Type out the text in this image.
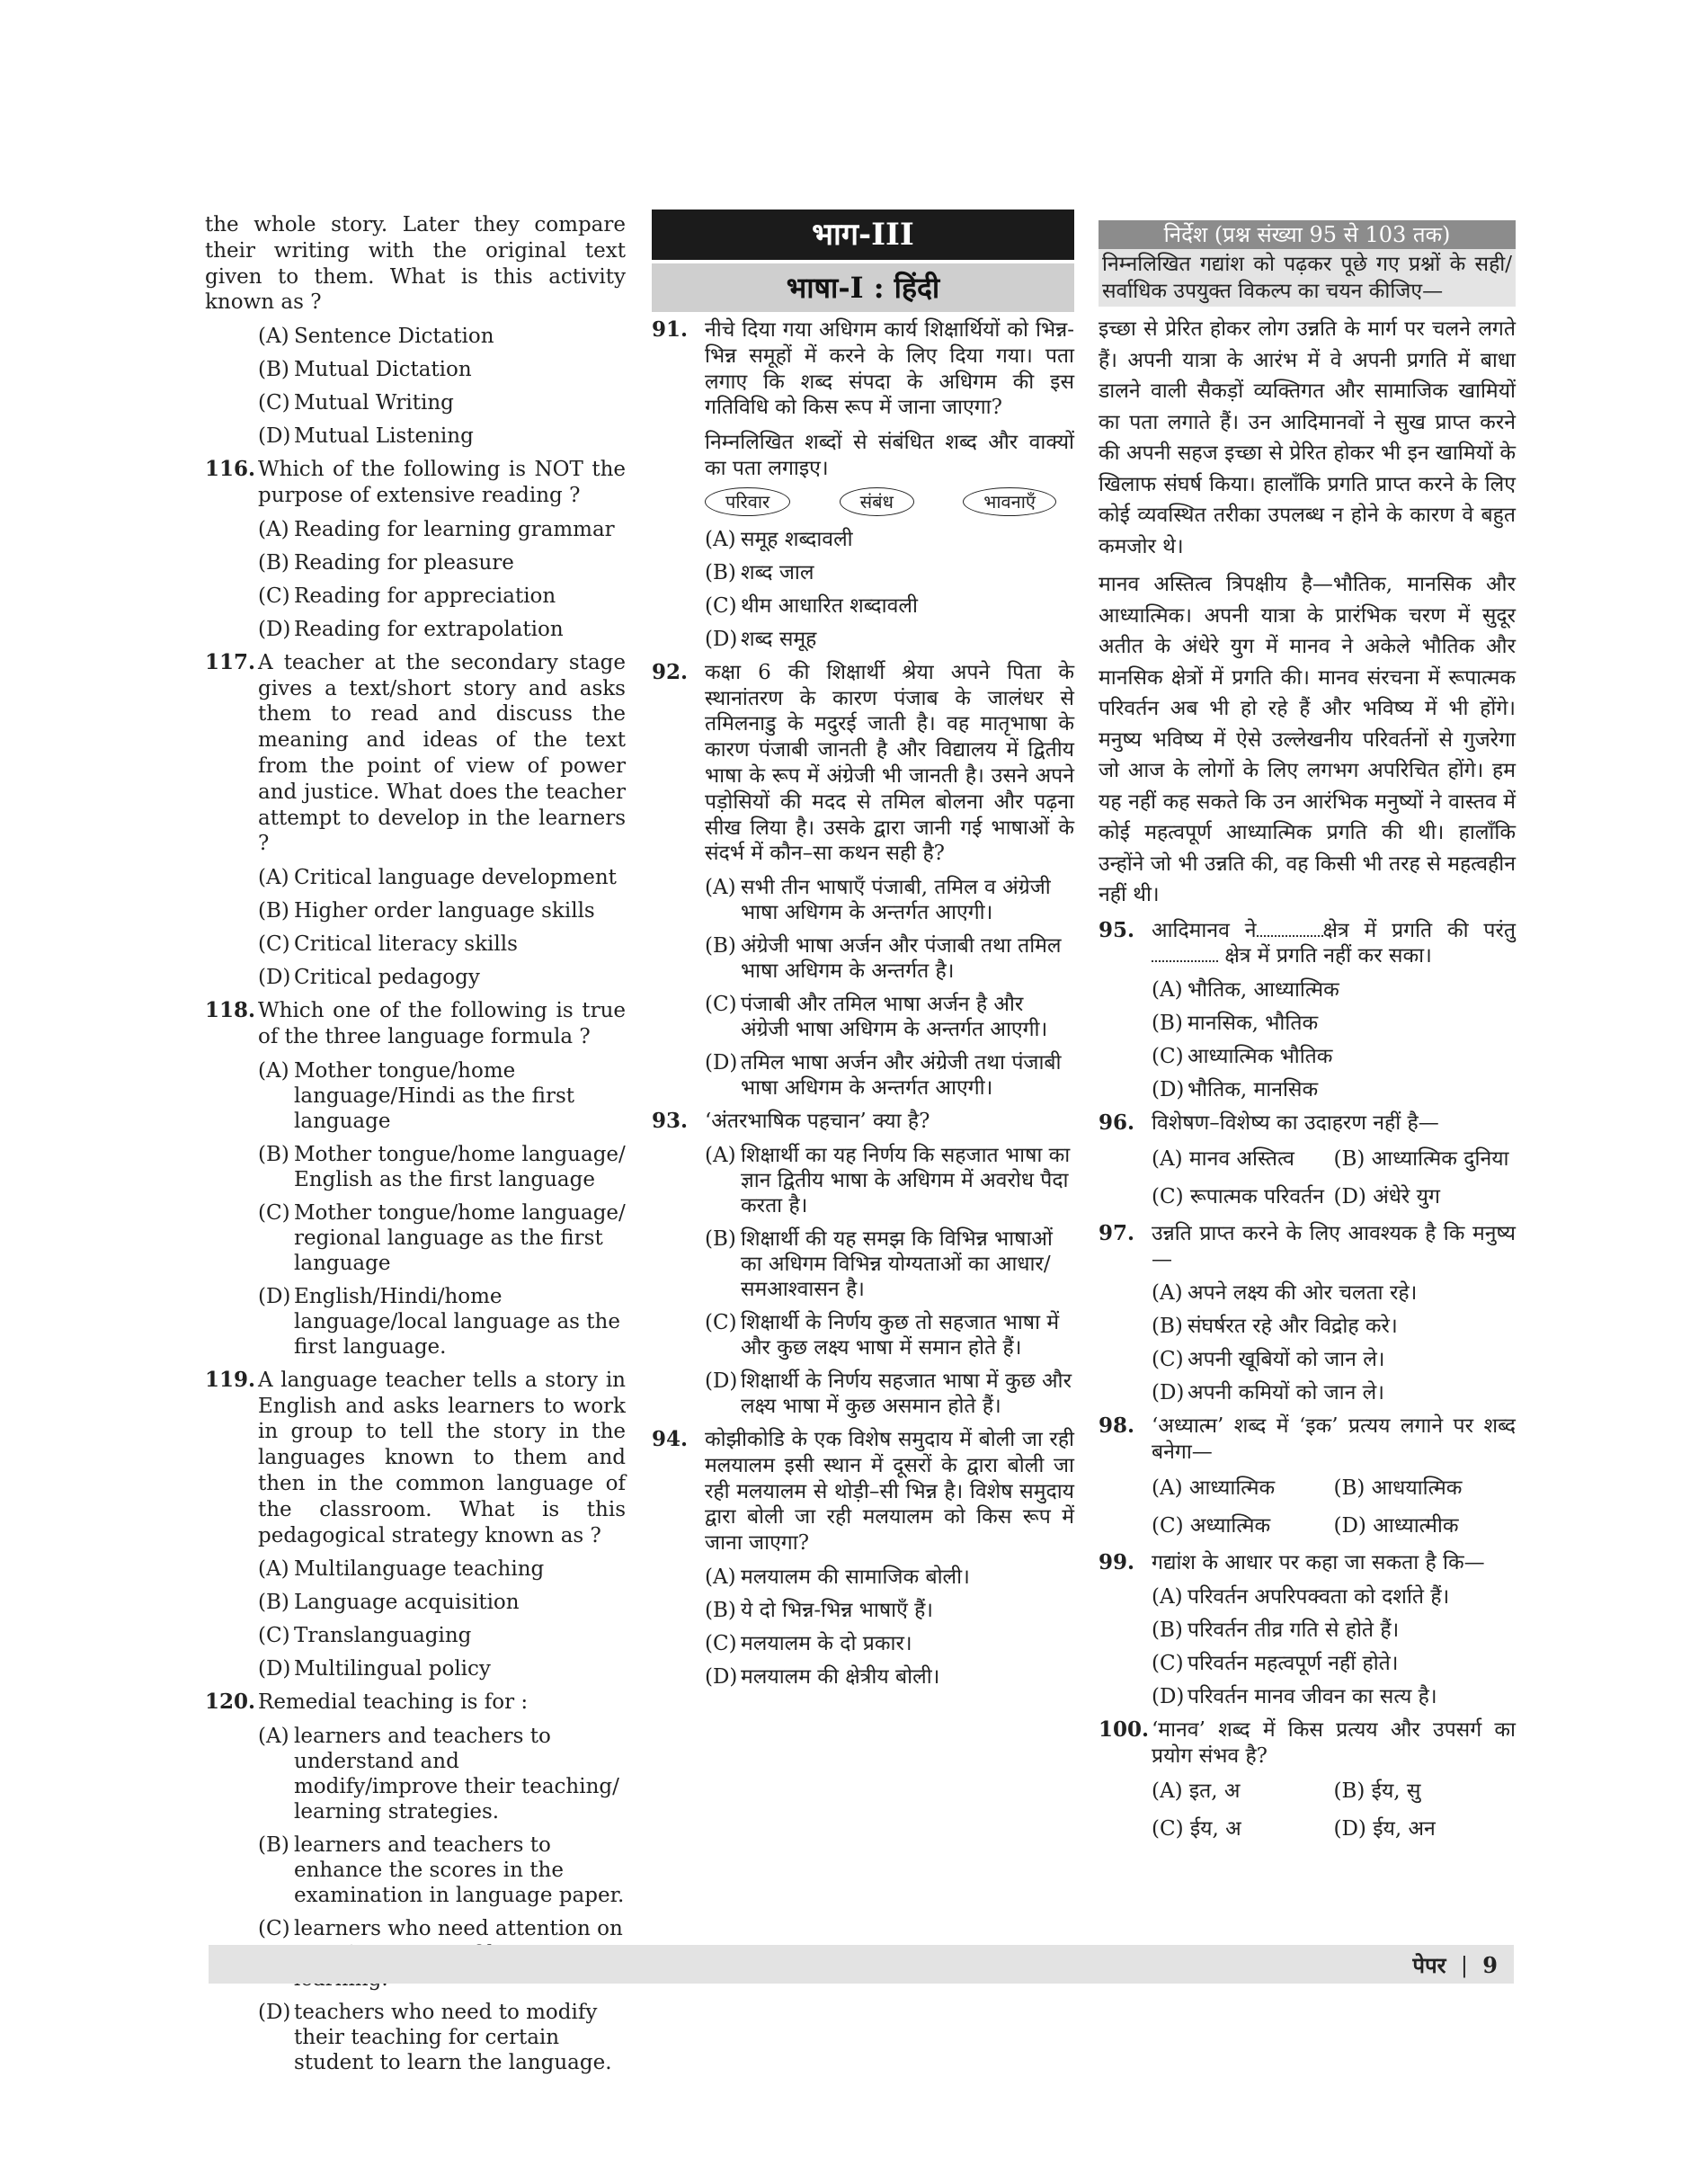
the whole story. Later they compare their writing with the original text given to them. What is this activity known as ?

(A) Sentence Dictation
(B) Mutual Dictation
(C) Mutual Writing
(D) Mutual Listening
116. Which of the following is NOT the purpose of extensive reading ?
(A) Reading for learning grammar
(B) Reading for pleasure
(C) Reading for appreciation
(D) Reading for extrapolation
117. A teacher at the secondary stage gives a text/short story and asks them to read and discuss the meaning and ideas of the text from the point of view of power and justice. What does the teacher attempt to develop in the learners ?
(A) Critical language development
(B) Higher order language skills
(C) Critical literacy skills
(D) Critical pedagogy
118. Which one of the following is true of the three language formula ?
(A) Mother tongue/home language/Hindi as the first language
(B) Mother tongue/home language/ English as the first language
(C) Mother tongue/home language/ regional language as the first language
(D) English/Hindi/home language/local language as the first language.
119. A language teacher tells a story in English and asks learners to work in group to tell the story in the languages known to them and then in the common language of the classroom. What is this pedagogical strategy known as ?
(A) Multilanguage teaching
(B) Language acquisition
(C) Translanguaging
(D) Multilingual policy
120. Remedial teaching is for :
(A) learners and teachers to understand and modify/improve their teaching/ learning strategies.
(B) learners and teachers to enhance the scores in the examination in language paper.
(C) learners who need attention on
(D) teachers who need to modify their teaching for certain student to learn the language.
भाग-III
भाषा-I : हिंदी
91. नीचे दिया गया अधिगम कार्य शिक्षार्थियों को भिन्न-भिन्न समूहों में करने के लिए दिया गया। पता लगाए कि शब्द संपदा के अधिगम की इस गतिविधि को किस रूप में जाना जाएगा?
निम्नलिखित शब्दों से संबंधित शब्द और वाक्यों का पता लगाइए।
परिवार	संबंध	भावनाएँ
(A) समूह शब्दावली
(B) शब्द जाल
(C) थीम आधारित शब्दावली
(D) शब्द समूह
92. कक्षा 6 की शिक्षार्थी श्रेया अपने पिता के स्थानांतरण के कारण पंजाब के जालंधर से तमिलनाडु के मदुरई जाती है। वह मातृभाषा के कारण पंजाबी जानती है और विद्यालय में द्वितीय भाषा के रूप में अंग्रेजी भी जानती है। उसने अपने पड़ोसियों की मदद से तमिल बोलना और पढ़ना सीख लिया है। उसके द्वारा जानी गई भाषाओं के संदर्भ में कौन–सा कथन सही है?
(A) सभी तीन भाषाएँ पंजाबी, तमिल व अंग्रेजी भाषा अधिगम के अन्तर्गत आएगी।
(B) अंग्रेजी भाषा अर्जन और पंजाबी तथा तमिल भाषा अधिगम के अन्तर्गत है।
(C) पंजाबी और तमिल भाषा अर्जन है और अंग्रेजी भाषा अधिगम के अन्तर्गत आएगी।
(D) तमिल भाषा अर्जन और अंग्रेजी तथा पंजाबी भाषा अधिगम के अन्तर्गत आएगी।
93. ‘अंतरभाषिक पहचान’ क्या है?
(A) शिक्षार्थी का यह निर्णय कि सहजात भाषा का ज्ञान द्वितीय भाषा के अधिगम में अवरोध पैदा करता है।
(B) शिक्षार्थी की यह समझ कि विभिन्न भाषाओं का अधिगम विभिन्न योग्यताओं का आधार/ समआश्वासन है।
(C) शिक्षार्थी के निर्णय कुछ तो सहजात भाषा में और कुछ लक्ष्य भाषा में समान होते हैं।
(D) शिक्षार्थी के निर्णय सहजात भाषा में कुछ और लक्ष्य भाषा में कुछ असमान होते हैं।
94. कोझीकोडि के एक विशेष समुदाय में बोली जा रही मलयालम इसी स्थान में दूसरों के द्वारा बोली जा रही मलयालम से थोड़ी–सी भिन्न है। विशेष समुदाय द्वारा बोली जा रही मलयालम को किस रूप में जाना जाएगा?
(A) मलयालम की सामाजिक बोली।
(B) ये दो भिन्न-भिन्न भाषाएँ हैं।
(C) मलयालम के दो प्रकार।
(D) मलयालम की क्षेत्रीय बोली।
निर्देश (प्रश्न संख्या 95 से 103 तक)
निम्नलिखित गद्यांश को पढ़कर पूछे गए प्रश्नों के सही/सर्वाधिक उपयुक्त विकल्प का चयन कीजिए—

इच्छा से प्रेरित होकर लोग उन्नति के मार्ग पर चलने लगते हैं। अपनी यात्रा के आरंभ में वे अपनी प्रगति में बाधा डालने वाली सैकड़ों व्यक्तिगत और सामाजिक खामियों का पता लगाते हैं। उन आदिमानवों ने सुख प्राप्त करने की अपनी सहज इच्छा से प्रेरित होकर भी इन खामियों के खिलाफ संघर्ष किया। हालाँकि प्रगति प्राप्त करने के लिए कोई व्यवस्थित तरीका उपलब्ध न होने के कारण वे बहुत कमजोर थे।

मानव अस्तित्व त्रिपक्षीय है—भौतिक, मानसिक और आध्यात्मिक। अपनी यात्रा के प्रारंभिक चरण में सुदूर अतीत के अंधेरे युग में मानव ने अकेले भौतिक और मानसिक क्षेत्रों में प्रगति की। मानव संरचना में रूपात्मक परिवर्तन अब भी हो रहे हैं और भविष्य में भी होंगे। मनुष्य भविष्य में ऐसे उल्लेखनीय परिवर्तनों से गुजरेगा जो आज के लोगों के लिए लगभग अपरिचित होंगे। हम यह नहीं कह सकते कि उन आरंभिक मनुष्यों ने वास्तव में कोई महत्वपूर्ण आध्यात्मिक प्रगति की थी। हालाँकि उन्होंने जो भी उन्नति की, वह किसी भी तरह से महत्वहीन नहीं थी।

95. आदिमानव ने	क्षेत्र में प्रगति की परंतु क्षेत्र में प्रगति नहीं कर सका।
(A) भौतिक, आध्यात्मिक
(B) मानसिक, भौतिक
(C) आध्यात्मिक भौतिक
(D) भौतिक, मानसिक
96. विशेषण–विशेष्य का उदाहरण नहीं है—
(A) मानव अस्तित्व	(B) आध्यात्मिक दुनिया
(C) रूपात्मक परिवर्तन (D) अंधेरे युग
97. उन्नति प्राप्त करने के लिए आवश्यक है कि मनुष्य—
(A) अपने लक्ष्य की ओर चलता रहे।
(B) संघर्षरत रहे और विद्रोह करे।
(C) अपनी खूबियों को जान ले।
(D) अपनी कमियों को जान ले।
98. ‘अध्यात्म’ शब्द में ‘इक’ प्रत्यय लगाने पर शब्द बनेगा—
(A) आध्यात्मिक	(B) आधयात्मिक
(C) अध्यात्मिक	(D) आध्यात्मीक
99. गद्यांश के आधार पर कहा जा सकता है कि—
(A) परिवर्तन अपरिपक्वता को दर्शाते हैं।
(B) परिवर्तन तीव्र गति से होते हैं।
(C) परिवर्तन महत्वपूर्ण नहीं होते।
(D) परिवर्तन मानव जीवन का सत्य है।
100. ‘मानव’ शब्द में किस प्रत्यय और उपसर्ग का प्रयोग संभव है?
(A) इत, अ	(B) ईय, सु
(C) ईय, अ	(D) ईय, अन
पेपर | 9
